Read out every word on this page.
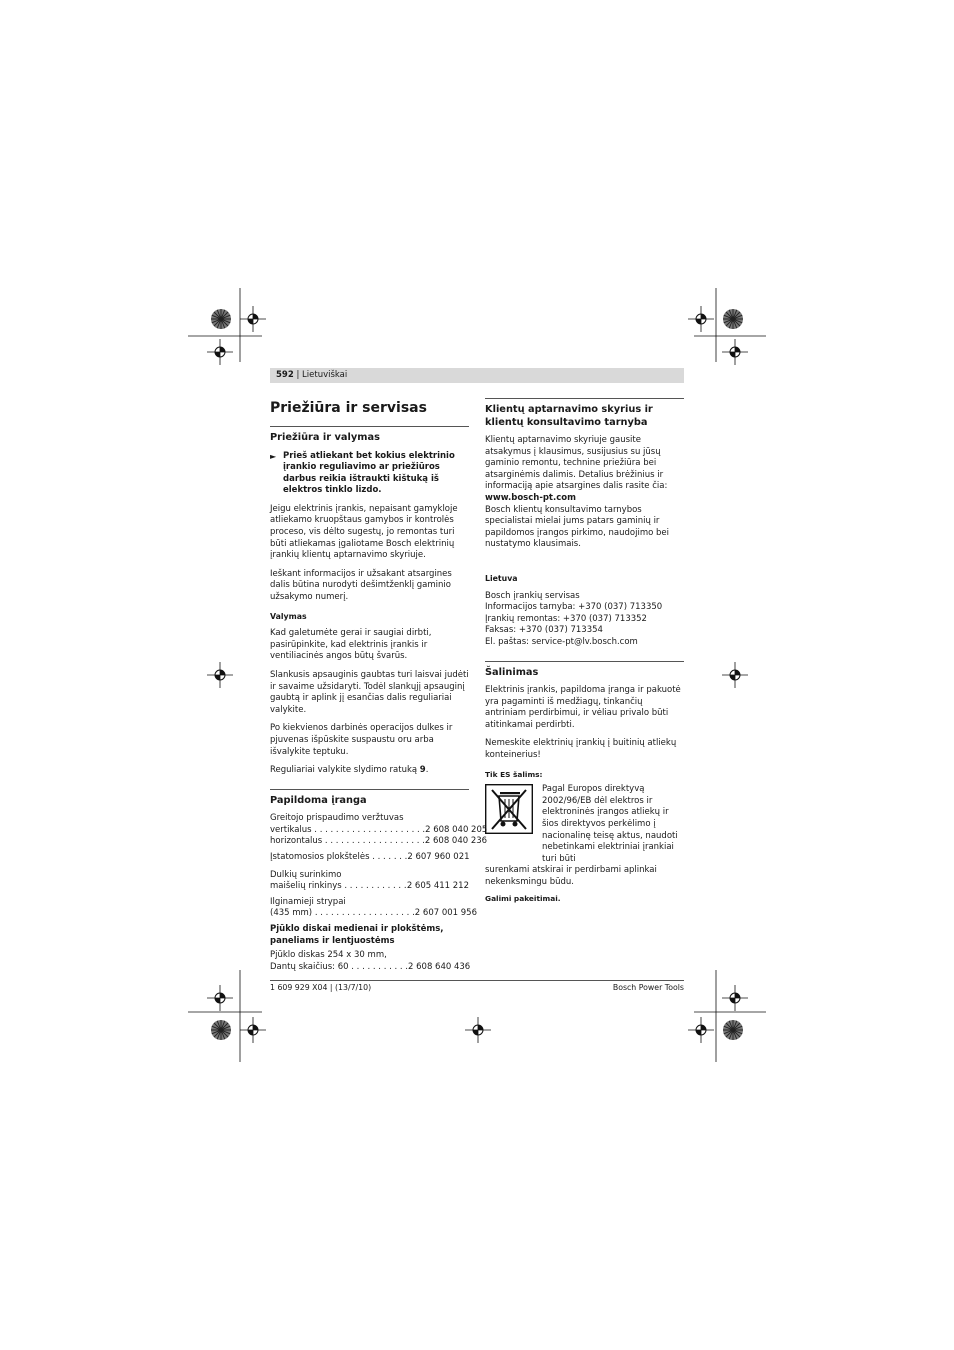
592 | Lietuviškai
Priežiūra ir servisas
Priežiūra ir valymas
► Prieš atliekant bet kokius elektrinio įrankio reguliavimo ar priežiūros darbus reikia ištraukti kištuką iš elektros tinklo lizdo.

Jeigu elektrinis įrankis, nepaisant gamykloje atliekamo kruopštaus gamybos ir kontrolės proceso, vis dėlto sugestų, jo remontas turi būti atliekamas įgaliotame Bosch elektrinių įrankių klientų aptarnavimo skyriuje.

Ieškant informacijos ir užsakant atsargines dalis būtina nurodyti dešimtženklį gaminio užsakymo numerį.

Valymas

Kad galetumėte gerai ir saugiai dirbti, pasirūpinkite, kad elektrinis įrankis ir ventiliacinės angos būtų švarūs.

Slankusis apsauginis gaubtas turi laisvai judėti ir savaime užsidaryti. Todėl slankųjį apsauginį gaubtą ir aplink jį esančias dalis reguliariai valykite.

Po kiekvienos darbinės operacijos dulkes ir pjuvenas išpūskite suspaustu oru arba išvalykite teptuku.

Reguliariai valykite slydimo ratuką 9.

Papildoma įranga
Greitojo prispaudimo veržtuvas
vertikalus . . . . . . . . . . . . . . . . . . . . . 2 608 040 205
horizontalus . . . . . . . . . . . . . . . . . . . 2 608 040 236
Įstatomosios plokštelės . . . . . . . 2 607 960 021
Dulkių surinkimo
maišelių rinkinys . . . . . . . . . . . . 2 605 411 212
Ilginamieji strypai
(435 mm) . . . . . . . . . . . . . . . . . . . 2 607 001 956
Pjūklo diskai medienai ir plokštėms, paneliams ir lentjuostėms
Pjūklo diskas 254 x 30 mm,
Dantų skaičius: 60 . . . . . . . . . . . 2 608 640 436
Klientų aptarnavimo skyrius ir klientų konsultavimo tarnyba

Klientų aptarnavimo skyriuje gausite atsakymus į klausimus, susijusius su jūsų gaminio remontu, technine priežiūra bei atsarginėmis dalimis. Detalius brėžinius ir informaciją apie atsargines dalis rasite čia:
www.bosch-pt.com

Bosch klientų konsultavimo tarnybos specialistai mielai jums patars gaminių ir papildomos įrangos pirkimo, naudojimo bei nustatymo klausimais.

Lietuva
Bosch įrankių servisas
Informacijos tarnyba: +370 (037) 713350
Įrankių remontas: +370 (037) 713352
Faksas: +370 (037) 713354
El. paštas: service-pt@lv.bosch.com
Šalinimas

Elektrinis įrankis, papildoma įranga ir pakuotė yra pagaminti iš medžiagų, tinkančių antriniam perdirbimui, ir vėliau privalo būti atitinkamai perdirbti.

Nemeskite elektrinių įrankių į buitinių atliekų konteinerius!

Tik ES šalims:
Pagal Europos direktyvą 2002/96/EB dėl elektros ir elektroninės įrangos atliekų ir šios direktyvos perkėlimo į nacionalinę teisę aktus, naudoti nebetinkami elektriniai įrankiai turi būti

surenkami atskirai ir perdirbami aplinkai nekenksmingu būdu.

Galimi pakeitimai.
1 609 929 X04 | (13/7/10)	Bosch Power Tools
